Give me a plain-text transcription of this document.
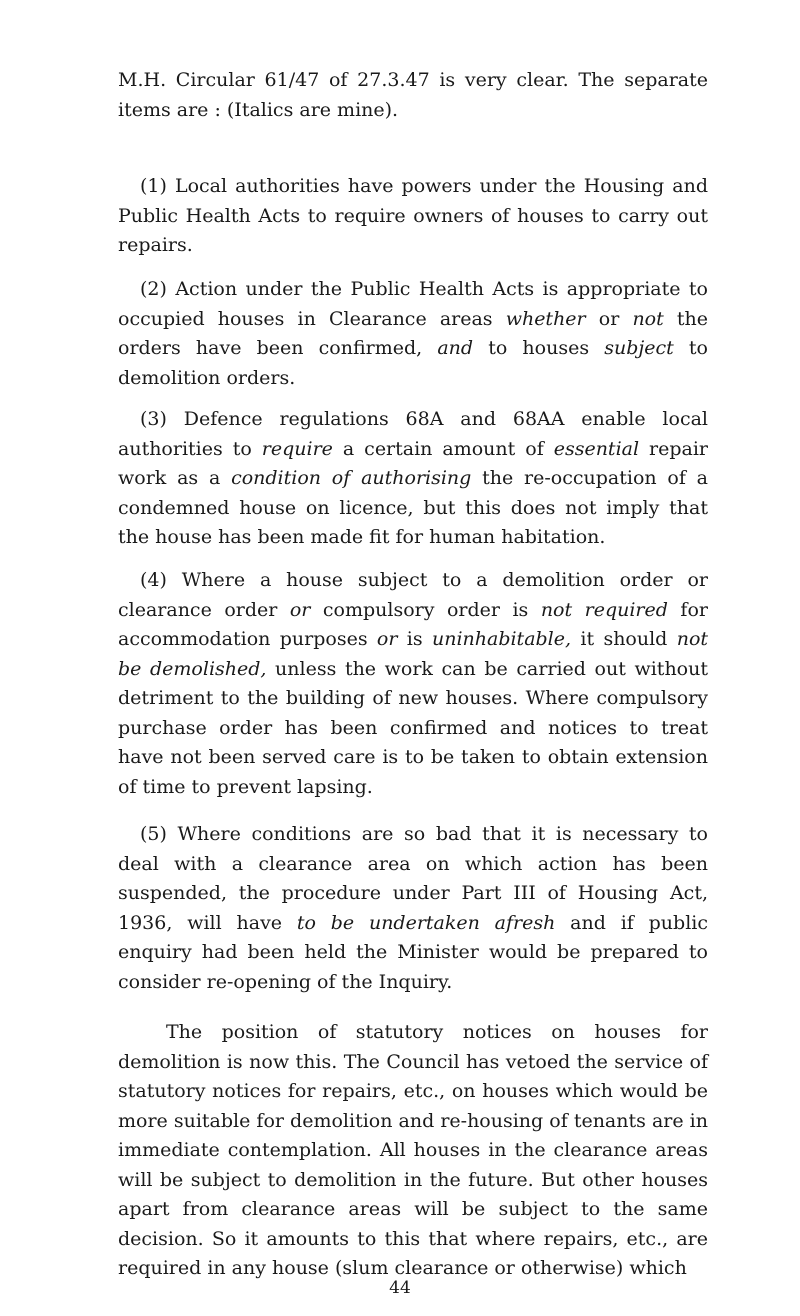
M.H. Circular 61/47 of 27.3.47 is very clear. The separate items are : (Italics are mine).

(1) Local authorities have powers under the Housing and Public Health Acts to require owners of houses to carry out repairs.

(2) Action under the Public Health Acts is appropriate to occupied houses in Clearance areas whether or not the orders have been confirmed, and to houses subject to demolition orders.

(3) Defence regulations 68A and 68AA enable local authorities to require a certain amount of essential repair work as a condition of authorising the re-occupation of a condemned house on licence, but this does not imply that the house has been made fit for human habitation.

(4) Where a house subject to a demolition order or clearance order or compulsory order is not required for accommodation purposes or is uninhabitable, it should not be demolished, unless the work can be carried out without detriment to the building of new houses. Where compulsory purchase order has been confirmed and notices to treat have not been served care is to be taken to obtain extension of time to prevent lapsing.

(5) Where conditions are so bad that it is necessary to deal with a clearance area on which action has been suspended, the procedure under Part III of Housing Act, 1936, will have to be undertaken afresh and if public enquiry had been held the Minister would be prepared to consider re-opening of the Inquiry.

The position of statutory notices on houses for demolition is now this. The Council has vetoed the service of statutory notices for repairs, etc., on houses which would be more suitable for demolition and re-housing of tenants are in immediate contemplation. All houses in the clearance areas will be subject to demolition in the future. But other houses apart from clearance areas will be subject to the same decision. So it amounts to this that where repairs, etc., are required in any house (slum clearance or otherwise) which

44
